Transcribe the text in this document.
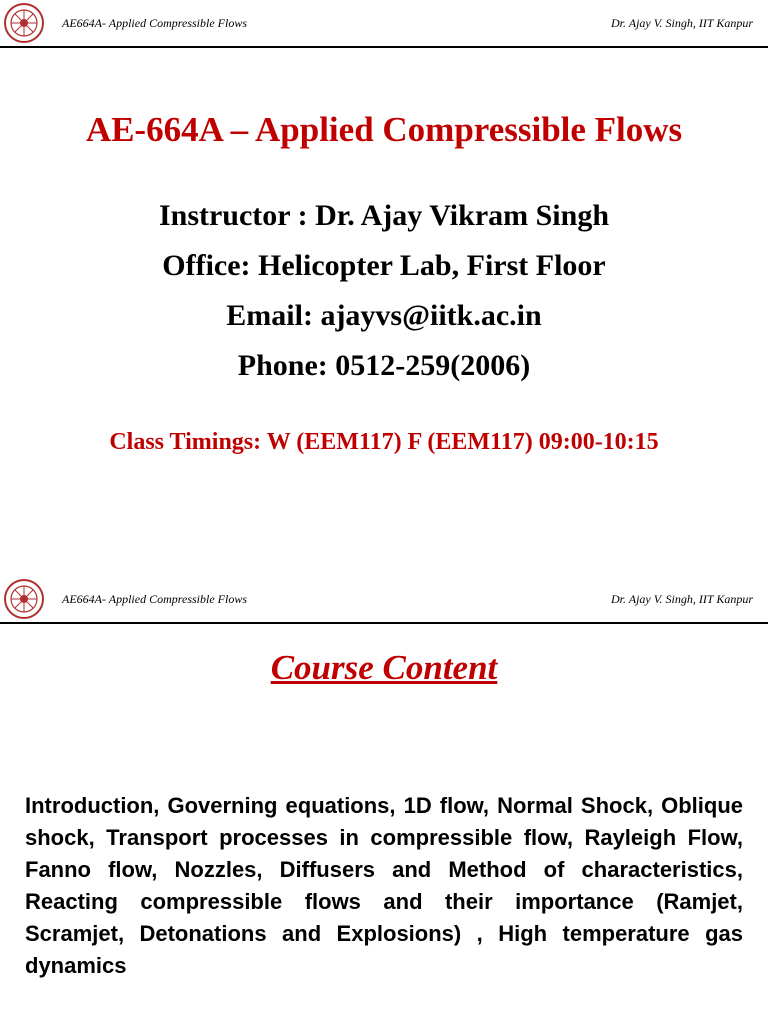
AE664A- Applied Compressible Flows	Dr. Ajay V. Singh, IIT Kanpur
AE-664A – Applied Compressible Flows
Instructor : Dr. Ajay Vikram Singh
Office: Helicopter Lab, First Floor
Email: ajayvs@iitk.ac.in
Phone: 0512-259(2006)
Class Timings: W (EEM117) F (EEM117) 09:00-10:15
AE664A- Applied Compressible Flows	Dr. Ajay V. Singh, IIT Kanpur
Course Content
Introduction, Governing equations, 1D flow, Normal Shock, Oblique shock, Transport processes in compressible flow, Rayleigh Flow, Fanno flow, Nozzles, Diffusers and Method of characteristics, Reacting compressible flows and their importance (Ramjet, Scramjet, Detonations and Explosions) , High temperature gas dynamics
